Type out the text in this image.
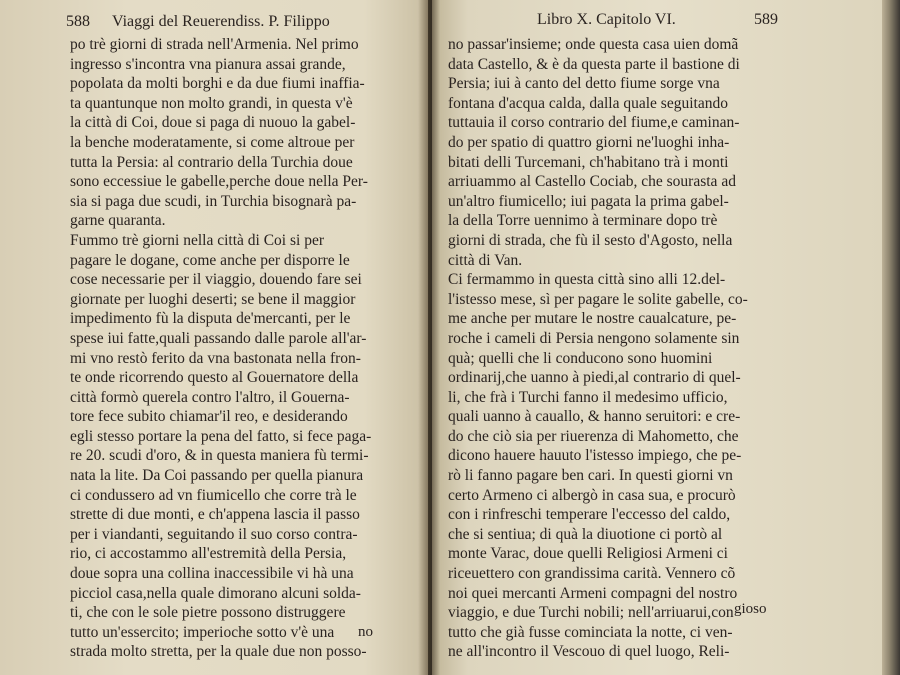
588 Viaggi del Reuerendiss. P. Filippo
po trè giorni di strada nell'Armenia. Nel primo
ingresso s'incontra vna pianura assai grande,
popolata da molti borghi e da due fiumi inaffia-
ta quantunque non molto grandi, in questa v'è
la città di Coi, doue si paga di nuouo la gabel-
la benche moderatamente, si come altroue per
tutta la Persia: al contrario della Turchia doue
sono eccessiue le gabelle,perche doue nella Per-
sia si paga due scudi, in Turchia bisognarà pa-
garne quaranta.
Fummo trè giorni nella città di Coi si per
pagare le dogane, come anche per disporre le
cose necessarie per il viaggio, douendo fare sei
giornate per luoghi deserti; se bene il maggior
impedimento fù la disputa de'mercanti, per le
spese iui fatte,quali passando dalle parole all'ar-
mi vno restò ferito da vna bastonata nella fron-
te onde ricorrendo questo al Gouernatore della
città formò querela contro l'altro, il Gouerna-
tore fece subito chiamar'il reo, e desiderando
egli stesso portare la pena del fatto, si fece paga-
re 20. scudi d'oro, & in questa maniera fù termi-
nata la lite. Da Coi passando per quella pianura
ci condussero ad vn fiumicello che corre trà le
strette di due monti, e ch'appena lascia il passo
per i viandanti, seguitando il suo corso contra-
rio, ci accostammo all'estremità della Persia,
doue sopra una collina inaccessibile vi hà una
picciol casa,nella quale dimorano alcuni solda-
ti, che con le sole pietre possono distruggere
tutto un'essercito; imperioche sotto v'è una
strada molto stretta, per la quale due non posso-
no
Libro X. Capitolo VI.	589
no passar'insieme; onde questa casa uien domã
data Castello, & è da questa parte il bastione di
Persia; iui à canto del detto fiume sorge vna
fontana d'acqua calda, dalla quale seguitando
tuttauia il corso contrario del fiume,e caminan-
do per spatio di quattro giorni ne'luoghi inha-
bitati delli Turcemani, ch'habitano trà i monti
arriuammo al Castello Cociab, che sourasta ad
un'altro fiumicello; iui pagata la prima gabel-
la della Torre uennimo à terminare dopo trè
giorni di strada, che fù il sesto d'Agosto, nella
città di Van.
Ci fermammo in questa città sino alli 12.del-
l'istesso mese, sì per pagare le solite gabelle, co-
me anche per mutare le nostre caualcature, pe-
roche i cameli di Persia nengono solamente sin
quà; quelli che li conducono sono huomini
ordinarij,che uanno à piedi,al contrario di quel-
li, che frà i Turchi fanno il medesimo ufficio,
quali uanno à cauallo, & hanno seruitori: e cre-
do che ciò sia per riuerenza di Mahometto, che
dicono hauere hauuto l'istesso impiego, che pe-
rò li fanno pagare ben cari. In questi giorni vn
certo Armeno ci albergò in casa sua, e procurò
con i rinfreschi temperare l'eccesso del caldo,
che si sentiua; di quà la diuotione ci portò al
monte Varac, doue quelli Religiosi Armeni ci
riceuettero con grandissima carità. Vennero cõ
noi quei mercanti Armeni compagni del nostro
viaggio, e due Turchi nobili; nell'arriuarui,con
tutto che già fusse cominciata la notte, ci ven-
ne all'incontro il Vescouo di quel luogo, Reli-
gioso
